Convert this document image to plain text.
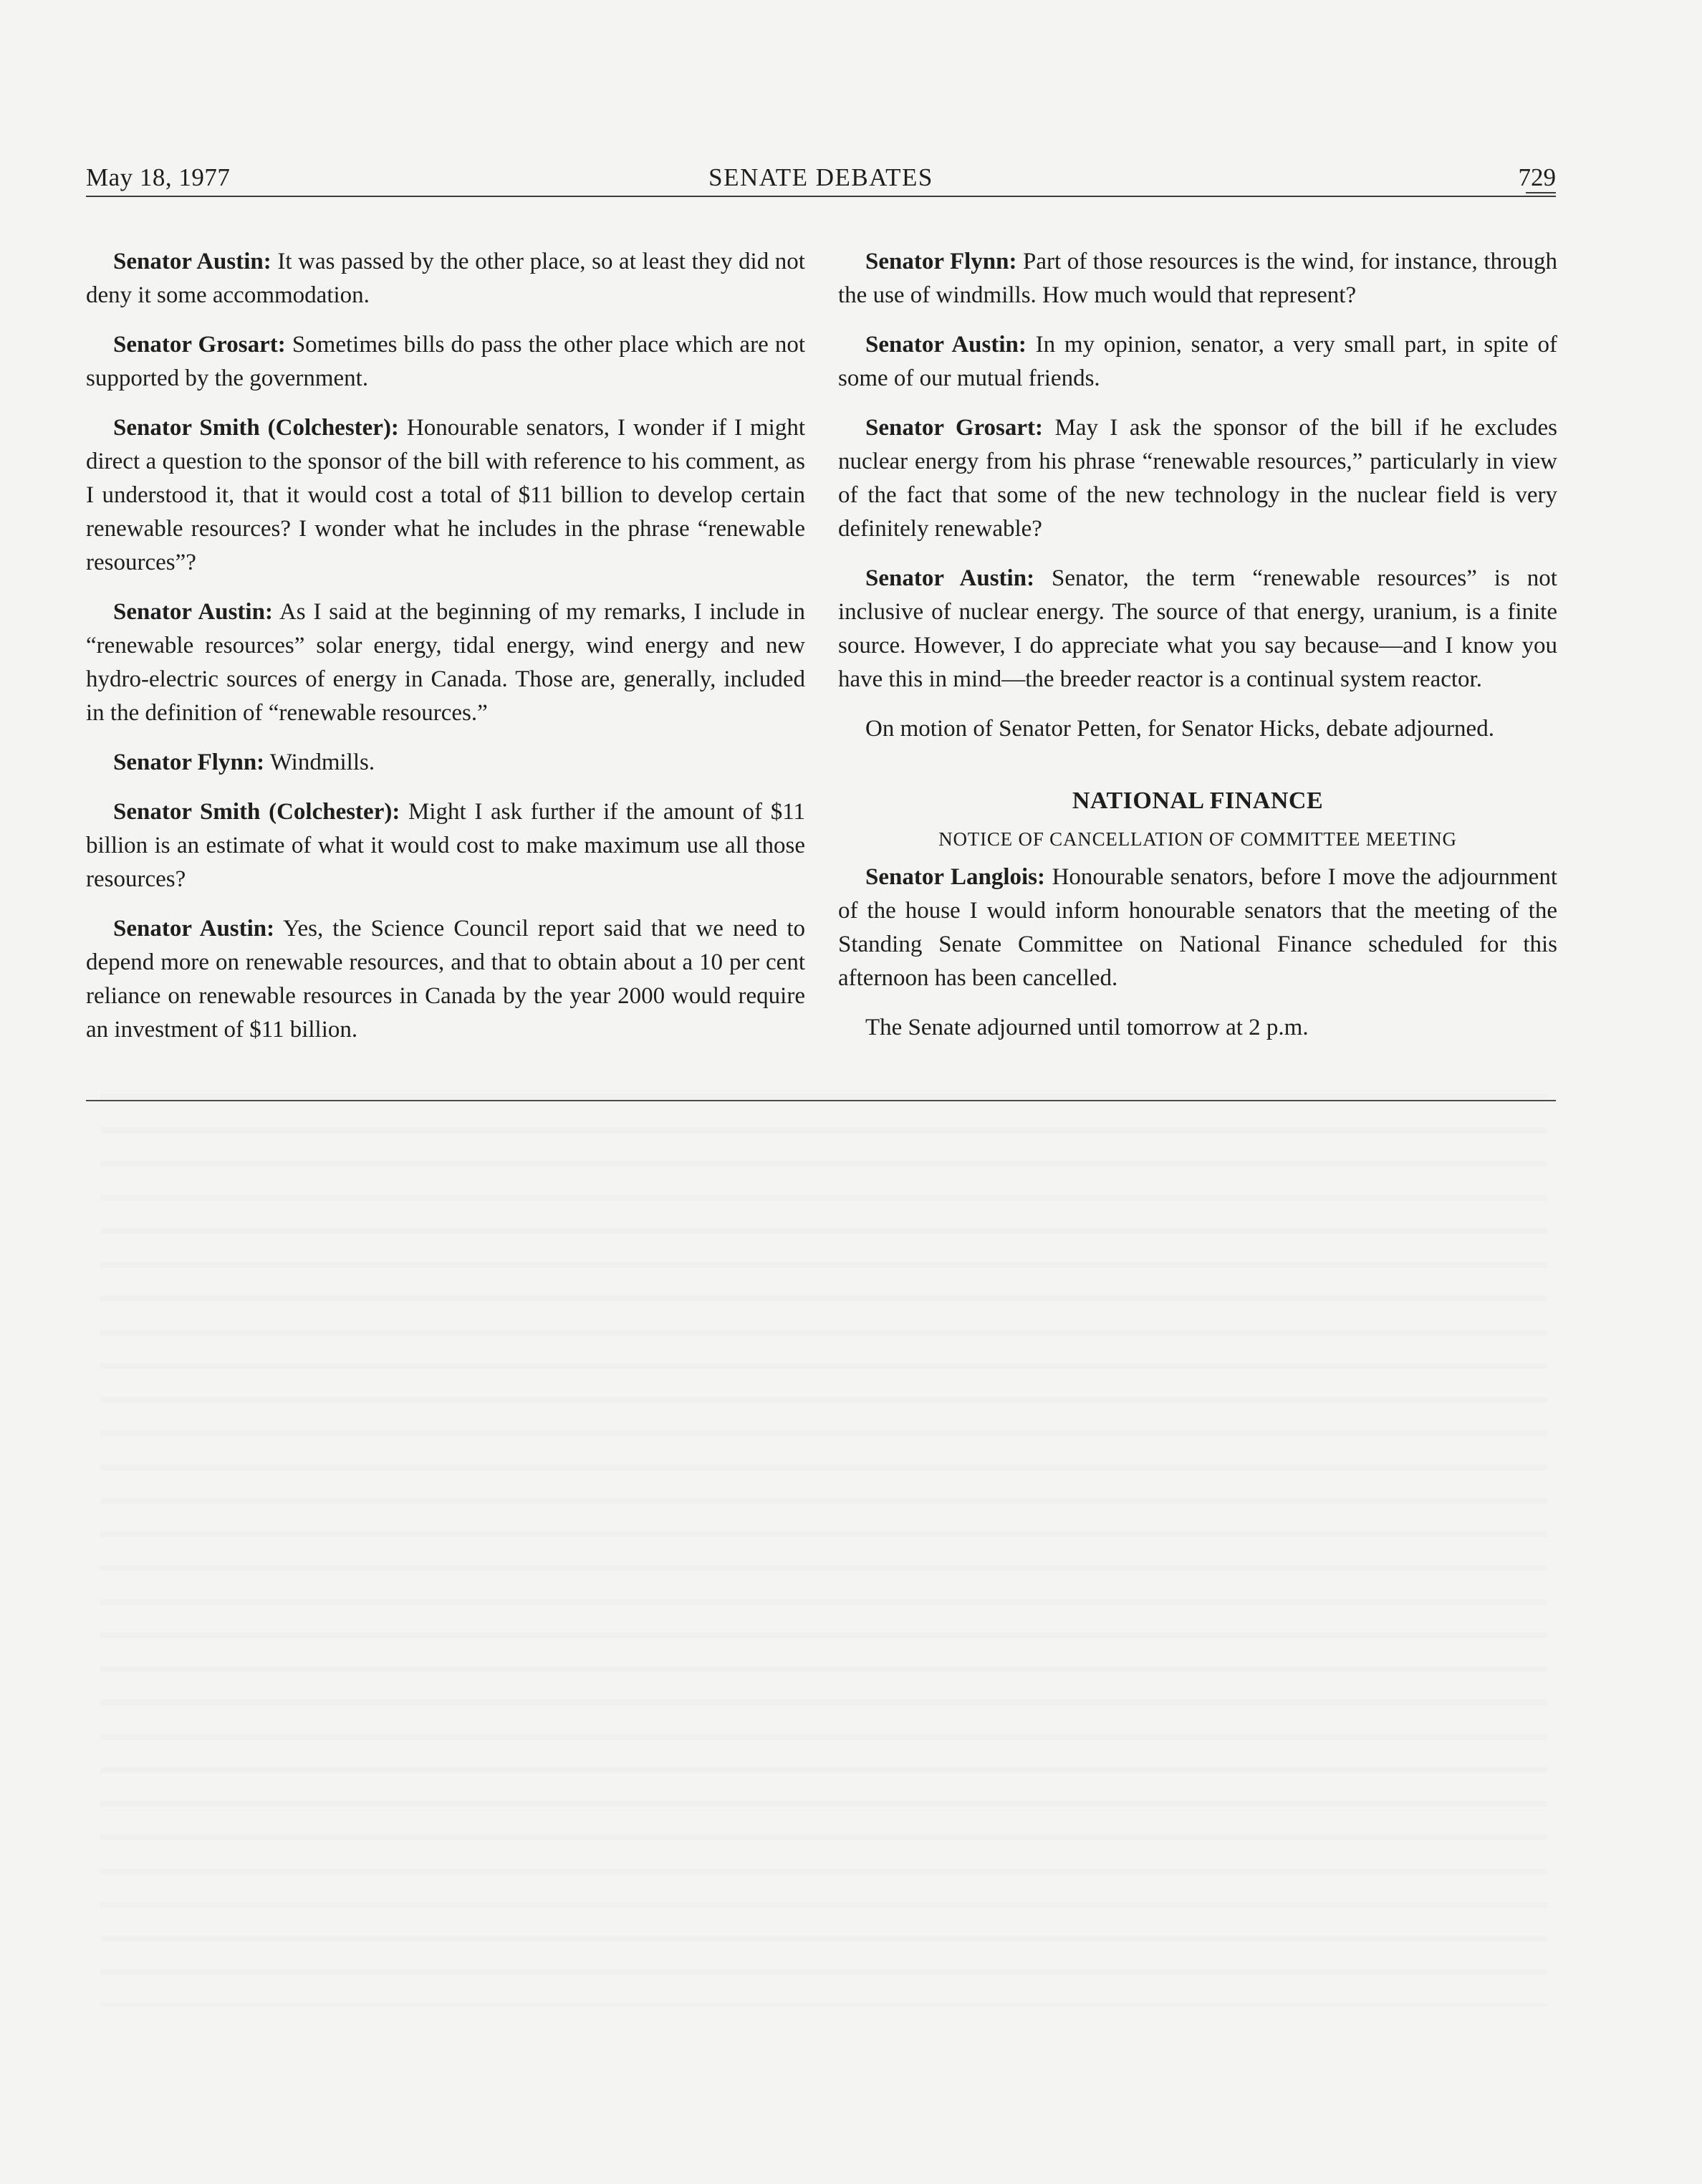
May 18, 1977	SENATE DEBATES	729

Senator Austin: It was passed by the other place, so at least they did not deny it some accommodation.

Senator Grosart: Sometimes bills do pass the other place which are not supported by the government.

Senator Smith (Colchester): Honourable senators, I wonder if I might direct a question to the sponsor of the bill with reference to his comment, as I understood it, that it would cost a total of $11 billion to develop certain renewable resources? I wonder what he includes in the phrase “renewable resources”?

Senator Austin: As I said at the beginning of my remarks, I include in “renewable resources” solar energy, tidal energy, wind energy and new hydro-electric sources of energy in Canada. Those are, generally, included in the definition of “renewable resources.”

Senator Flynn: Windmills.

Senator Smith (Colchester): Might I ask further if the amount of $11 billion is an estimate of what it would cost to make maximum use all those resources?

Senator Austin: Yes, the Science Council report said that we need to depend more on renewable resources, and that to obtain about a 10 per cent reliance on renewable resources in Canada by the year 2000 would require an investment of $11 billion.

Senator Flynn: Part of those resources is the wind, for instance, through the use of windmills. How much would that represent?

Senator Austin: In my opinion, senator, a very small part, in spite of some of our mutual friends.

Senator Grosart: May I ask the sponsor of the bill if he excludes nuclear energy from his phrase “renewable resources,” particularly in view of the fact that some of the new technology in the nuclear field is very definitely renewable?

Senator Austin: Senator, the term “renewable resources” is not inclusive of nuclear energy. The source of that energy, uranium, is a finite source. However, I do appreciate what you say because—and I know you have this in mind—the breeder reactor is a continual system reactor.

On motion of Senator Petten, for Senator Hicks, debate adjourned.

NATIONAL FINANCE
NOTICE OF CANCELLATION OF COMMITTEE MEETING

Senator Langlois: Honourable senators, before I move the adjournment of the house I would inform honourable senators that the meeting of the Standing Senate Committee on National Finance scheduled for this afternoon has been cancelled.

The Senate adjourned until tomorrow at 2 p.m.
